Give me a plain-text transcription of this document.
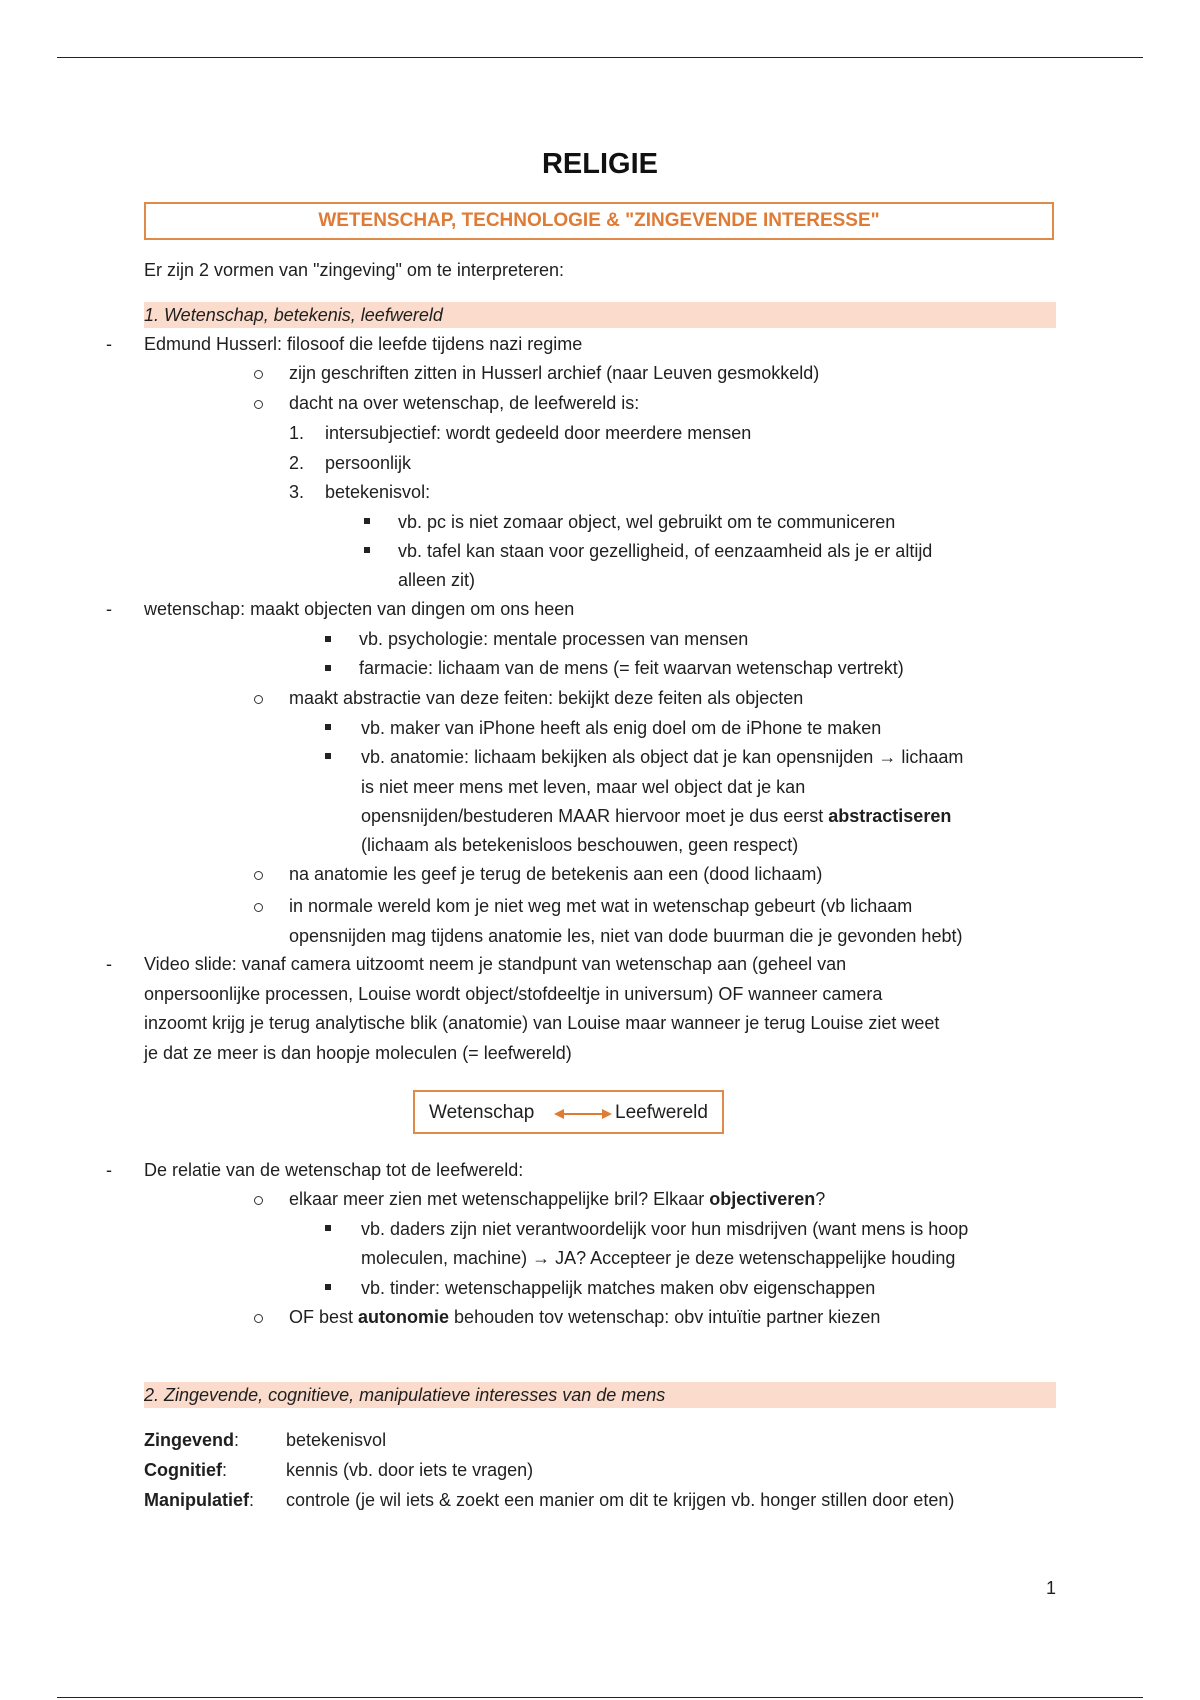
RELIGIE
WETENSCHAP, TECHNOLOGIE & "ZINGEVENDE INTERESSE"
Er zijn 2 vormen van "zingeving" om te interpreteren:
1. Wetenschap, betekenis, leefwereld
- Edmund Husserl: filosoof die leefde tijdens nazi regime
zijn geschriften zitten in Husserl archief (naar Leuven gesmokkeld)
dacht na over wetenschap, de leefwereld is:
1. intersubjectief: wordt gedeeld door meerdere mensen
2. persoonlijk
3. betekenisvol:
vb. pc is niet zomaar object, wel gebruikt om te communiceren
vb. tafel kan staan voor gezelligheid, of eenzaamheid als je er altijd
alleen zit)
- wetenschap: maakt objecten van dingen om ons heen
vb. psychologie: mentale processen van mensen
farmacie: lichaam van de mens (= feit waarvan wetenschap vertrekt)
maakt abstractie van deze feiten: bekijkt deze feiten als objecten
vb. maker van iPhone heeft als enig doel om de iPhone te maken
vb. anatomie: lichaam bekijken als object dat je kan opensnijden → lichaam
is niet meer mens met leven, maar wel object dat je kan
opensnijden/bestuderen MAAR hiervoor moet je dus eerst abstractiseren
(lichaam als betekenisloos beschouwen, geen respect)
na anatomie les geef je terug de betekenis aan een (dood lichaam)
in normale wereld kom je niet weg met wat in wetenschap gebeurt (vb lichaam
opensnijden mag tijdens anatomie les, niet van dode buurman die je gevonden hebt)
- Video slide: vanaf camera uitzoomt neem je standpunt van wetenschap aan (geheel van
onpersoonlijke processen, Louise wordt object/stofdeeltje in universum) OF wanneer camera
inzoomt krijg je terug analytische blik (anatomie) van Louise maar wanneer je terug Louise ziet weet
je dat ze meer is dan hoopje moleculen (= leefwereld)
Wetenschap	Leefwereld
- De relatie van de wetenschap tot de leefwereld:
elkaar meer zien met wetenschappelijke bril? Elkaar objectiveren?
vb. daders zijn niet verantwoordelijk voor hun misdrijven (want mens is hoop
moleculen, machine) → JA? Accepteer je deze wetenschappelijke houding
vb. tinder: wetenschappelijk matches maken obv eigenschappen
OF best autonomie behouden tov wetenschap: obv intuïtie partner kiezen
2. Zingevende, cognitieve, manipulatieve interesses van de mens
Zingevend:	betekenisvol
Cognitief:	kennis (vb. door iets te vragen)
Manipulatief: controle (je wil iets & zoekt een manier om dit te krijgen vb. honger stillen door eten)
1
